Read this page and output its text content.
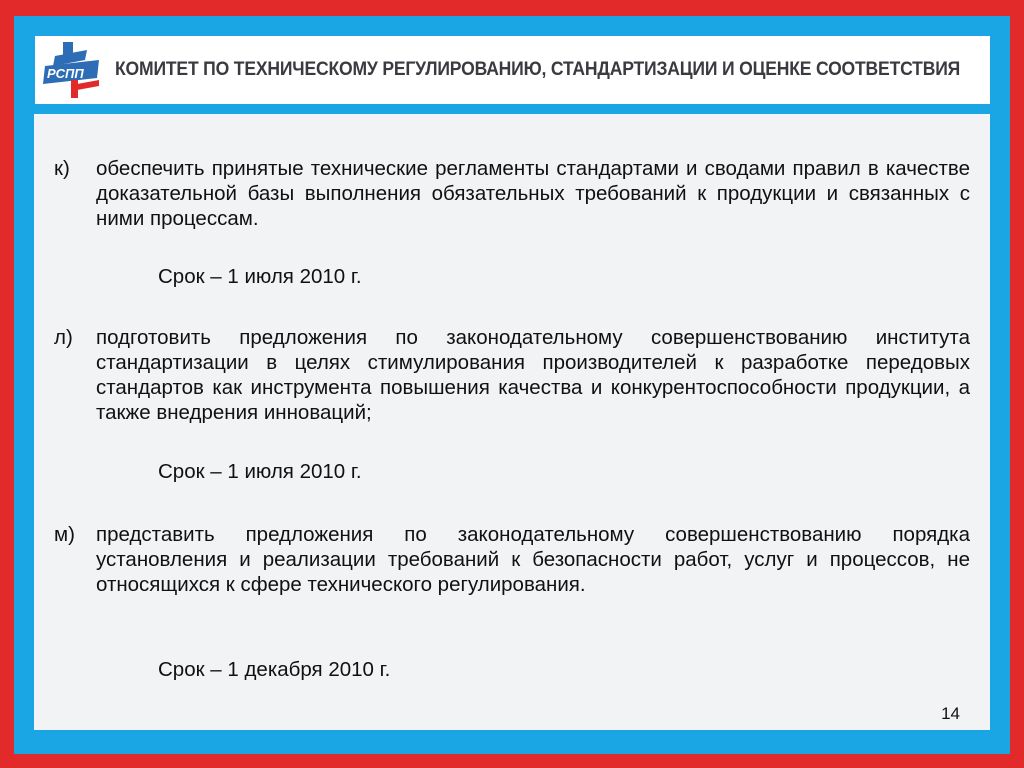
РСПП КОМИТЕТ ПО ТЕХНИЧЕСКОМУ РЕГУЛИРОВАНИЮ, СТАНДАРТИЗАЦИИ И ОЦЕНКЕ СООТВЕТСТВИЯ
к) обеспечить принятые технические регламенты стандартами и сводами правил в качестве доказательной базы выполнения обязательных требований к продукции и связанных с ними процессам.
Срок – 1 июля 2010 г.
л) подготовить предложения по законодательному совершенствованию института стандартизации в целях стимулирования производителей к разработке передовых стандартов как инструмента повышения качества и конкурентоспособности продукции, а также внедрения инноваций;
Срок – 1 июля 2010 г.
м) представить предложения по законодательному совершенствованию порядка установления и реализации требований к безопасности работ, услуг и процессов, не относящихся к сфере технического регулирования.
Срок – 1 декабря 2010 г.
14
